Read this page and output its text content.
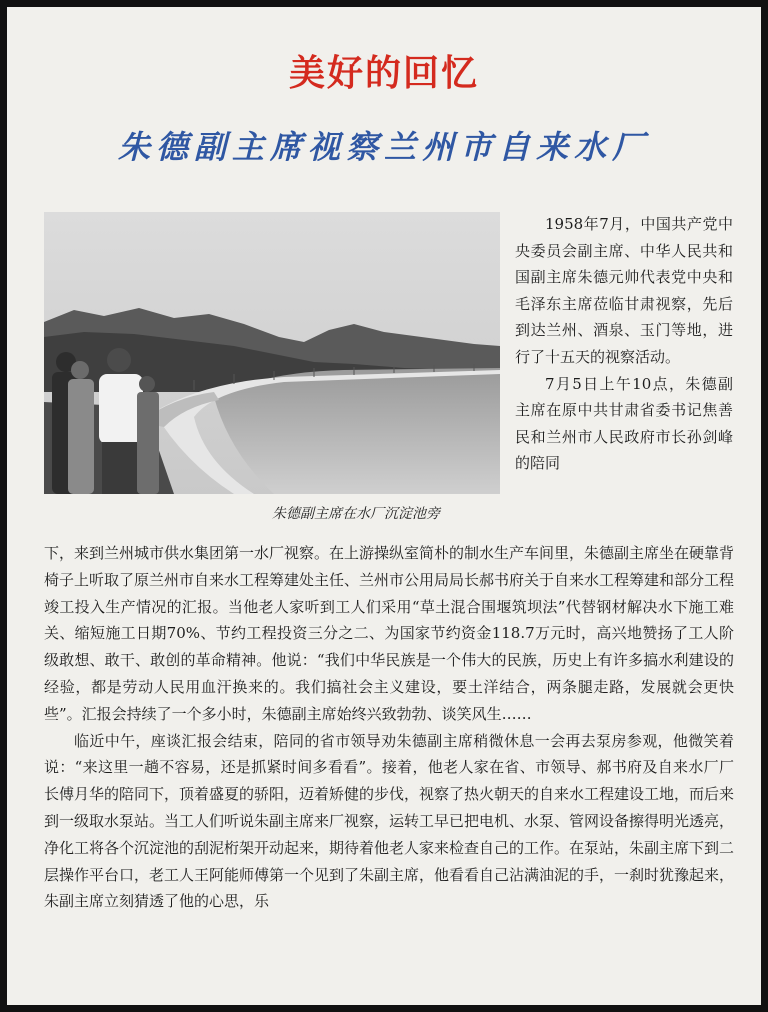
美好的回忆
朱德副主席视察兰州市自来水厂
朱德副主席在水厂沉淀池旁

1958年7月，中国共产党中央委员会副主席、中华人民共和国副主席朱德元帅代表党中央和毛泽东主席莅临甘肃视察，先后到达兰州、酒泉、玉门等地，进行了十五天的视察活动。

7月5日上午10点，朱德副主席在原中共甘肃省委书记焦善民和兰州市人民政府市长孙剑峰的陪同

下，来到兰州城市供水集团第一水厂视察。在上游操纵室简朴的制水生产车间里，朱德副主席坐在硬靠背椅子上听取了原兰州市自来水工程筹建处主任、兰州市公用局局长郝书府关于自来水工程筹建和部分工程竣工投入生产情况的汇报。当他老人家听到工人们采用“草土混合围堰筑坝法”代替钢材解决水下施工难关、缩短施工日期70%、节约工程投资三分之二、为国家节约资金118.7万元时，高兴地赞扬了工人阶级敢想、敢干、敢创的革命精神。他说：“我们中华民族是一个伟大的民族，历史上有许多搞水利建设的经验，都是劳动人民用血汗换来的。我们搞社会主义建设，要土洋结合，两条腿走路，发展就会更快些”。汇报会持续了一个多小时，朱德副主席始终兴致勃勃、谈笑风生……

临近中午，座谈汇报会结束，陪同的省市领导劝朱德副主席稍微休息一会再去泵房参观，他微笑着说：“来这里一趟不容易，还是抓紧时间多看看”。接着，他老人家在省、市领导、郝书府及自来水厂厂长傅月华的陪同下，顶着盛夏的骄阳，迈着矫健的步伐，视察了热火朝天的自来水工程建设工地，而后来到一级取水泵站。当工人们听说朱副主席来厂视察，运转工早已把电机、水泵、管网设备擦得明光透亮，净化工将各个沉淀池的刮泥桁架开动起来，期待着他老人家来检查自己的工作。在泵站，朱副主席下到二层操作平台口，老工人王阿能师傅第一个见到了朱副主席，他看看自己沾满油泥的手，一刹时犹豫起来，朱副主席立刻猜透了他的心思，乐
